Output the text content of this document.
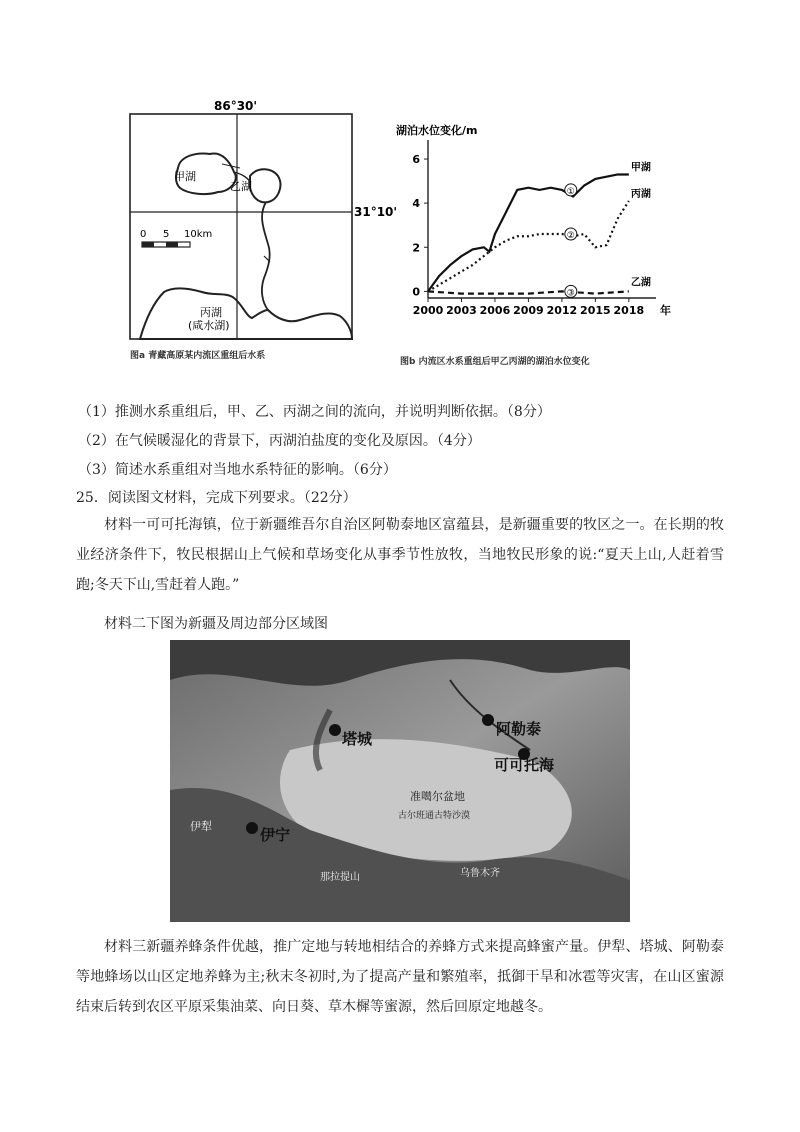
86°30'
31°10'
甲湖
乙湖
丙湖
(咸水湖)
0 5 10km
图a 青藏高原某内流区重组后水系
湖泊水位变化/m
2000 2003 2006 2009 2012 2015 2018 年
0
2
4
6
甲湖
①	丙湖
②
乙湖
③
图b 内流区水系重组后甲乙丙湖的湖泊水位变化
（1）推测水系重组后，甲、乙、丙湖之间的流向，并说明判断依据。（8分）
（2）在气候暖湿化的背景下，丙湖泊盐度的变化及原因。（4分）
（3）简述水系重组对当地水系特征的影响。（6分）
25．阅读图文材料，完成下列要求。（22分）
材料一可可托海镇，位于新疆维吾尔自治区阿勒泰地区富蕴县，是新疆重要的牧区之一。在长期的牧业经济条件下，牧民根据山上气候和草场变化从事季节性放牧，当地牧民形象的说:“夏天上山,人赶着雪跑;冬天下山,雪赶着人跑。”
材料二下图为新疆及周边部分区域图
塔城
阿勒泰
可可托海
伊宁
准噶尔盆地
古尔班通古特沙漠
那拉提山	乌鲁木齐
伊犁
材料三新疆养蜂条件优越，推广定地与转地相结合的养蜂方式来提高蜂蜜产量。伊犁、塔城、阿勒泰等地蜂场以山区定地养蜂为主;秋末冬初时,为了提高产量和繁殖率，抵御干旱和冰雹等灾害，在山区蜜源结束后转到农区平原采集油菜、向日葵、草木樨等蜜源，然后回原定地越冬。
